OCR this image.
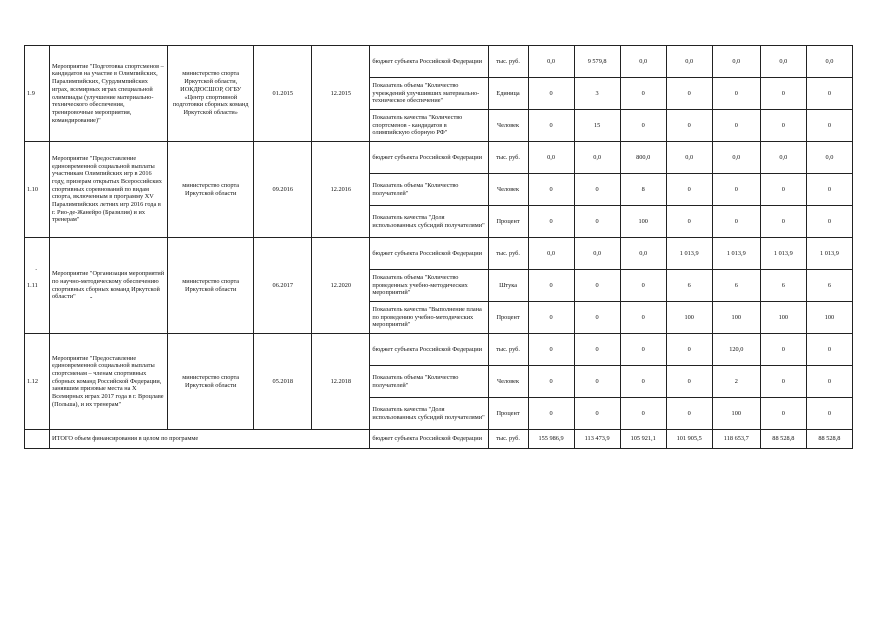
1.9	Мероприятие "Подготовка спортсменов – кандидатов на участие в Олимпийских, Паралимпийских, Сурдлимпийских играх, всемирных играх специальной олимпиады (улучшение материально-технического обеспечения, тренировочные мероприятия, командирование)"	министерство спорта Иркутской области, ИОКДЮСШОР, ОГБУ «Центр спортивной подготовки сборных команд Иркутской области»	01.2015	12.2015	бюджет субъекта Российской Федерации	тыс. руб.	0,0	9 579,8	0,0	0,0	0,0	0,0	0,0
					Показатель объема "Количество учреждений улучшивших материально-техническое обеспечение"	Единица	0	3	0	0	0	0	0
					Показатель качества "Количество спортсменов - кандидатов в олимпийскую сборную РФ"	Человек	0	15	0	0	0	0	0
1.10	Мероприятие "Предоставление единовременной социальной выплаты участникам Олимпийских игр в 2016 году, призерам открытых Всероссийских спортивных соревнований по видам спорта, включенным в программу XV Паралимпийских летних игр 2016 года в г. Рио-де-Жанейро (Бразилия) и их тренерам"	министерство спорта Иркутской области	09.2016	12.2016	бюджет субъекта Российской Федерации	тыс. руб.	0,0	0,0	800,0	0,0	0,0	0,0	0,0
					Показатель объема "Количество получателей"	Человек	0	0	8	0	0	0	0
					Показатель качества "Доля использованных субсидий получателями"	Процент	0	0	100	0	0	0	0
1.11	Мероприятие "Организация мероприятий по научно-методическому обеспечению спортивных сборных команд Иркутской области"	министерство спорта Иркутской области	06.2017	12.2020	бюджет субъекта Российской Федерации	тыс. руб.	0,0	0,0	0,0	1 013,9	1 013,9	1 013,9	1 013,9
					Показатель объема "Количество проведенных учебно-методических мероприятий"	Штука	0	0	0	6	6	6	6
					Показатель качества "Выполнение плана по проведению учебно-методических мероприятий"	Процент	0	0	0	100	100	100	100
1.12	Мероприятие "Предоставление единовременной социальной выплаты спортсменам – членам спортивных сборных команд Российской Федерации, занявшим призовые места на X Всемирных играх 2017 года в г. Вроцлаве (Польша), и их тренерам"	министерство спорта Иркутской области	05.2018	12.2018	бюджет субъекта Российской Федерации	тыс. руб.	0	0	0	0	120,0	0	0
					Показатель объема "Количество получателей"	Человек	0	0	0	0	2	0	0
					Показатель качества "Доля использованных субсидий получателями"	Процент	0	0	0	0	100	0	0
	ИТОГО объем финансирования в целом по программе				бюджет субъекта Российской Федерации	тыс. руб.	155 986,9	113 473,9	105 921,1	101 905,5	118 653,7	88 528,8	88 528,8
`
-
